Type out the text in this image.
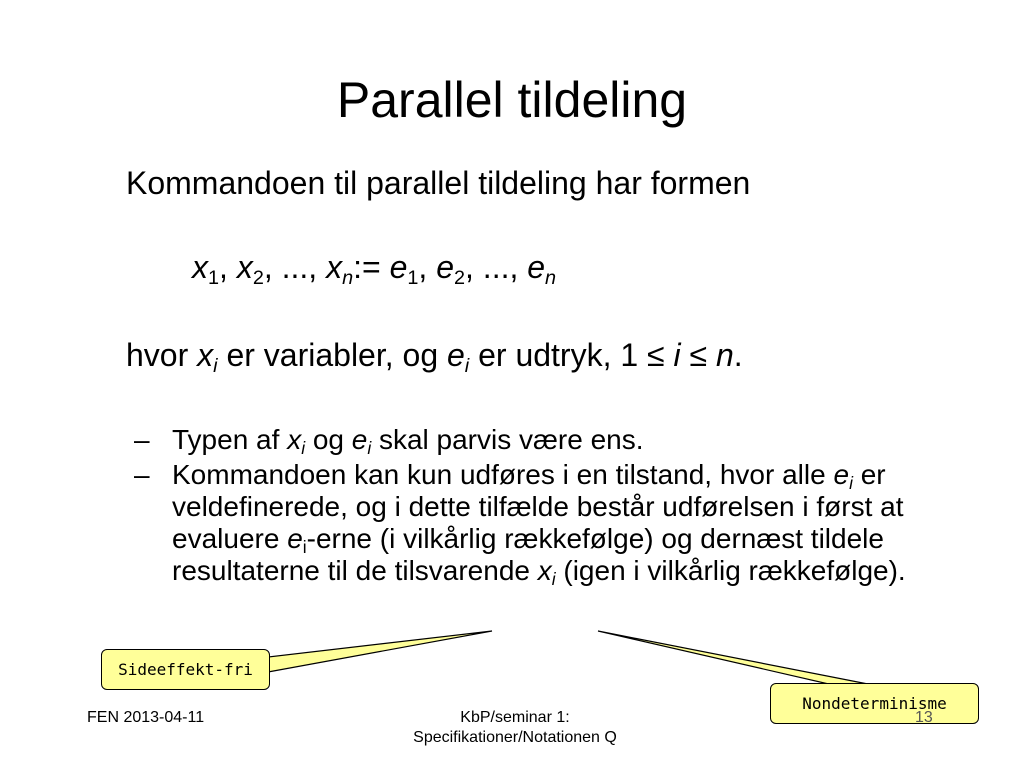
Parallel tildeling
Kommandoen til parallel tildeling har formen
$x_1$, $x_2$, ..., $x_n:= e_1$, $e_2$, ..., $e_n$
hvor $x_i$ er variabler, og $e_i$ er udtryk, 1 ≤ i ≤ n.
– Typen af $x_i$ og $e_i$ skal parvis være ens.
– Kommandoen kan kun udføres i en tilstand, hvor alle $e_i$ er veldefinerede, og i dette tilfælde består udførelsen i først at evaluere $e_i$-erne (i vilkårlig rækkefølge) og dernæst tildele resultaterne til de tilsvarende $x_i$ (igen i vilkårlig rækkefølge).
Sideeffekt-fri
Nondeterminisme
FEN 2013-04-11	KbP/seminar 1:
Specifikationer/Notationen Q
13
